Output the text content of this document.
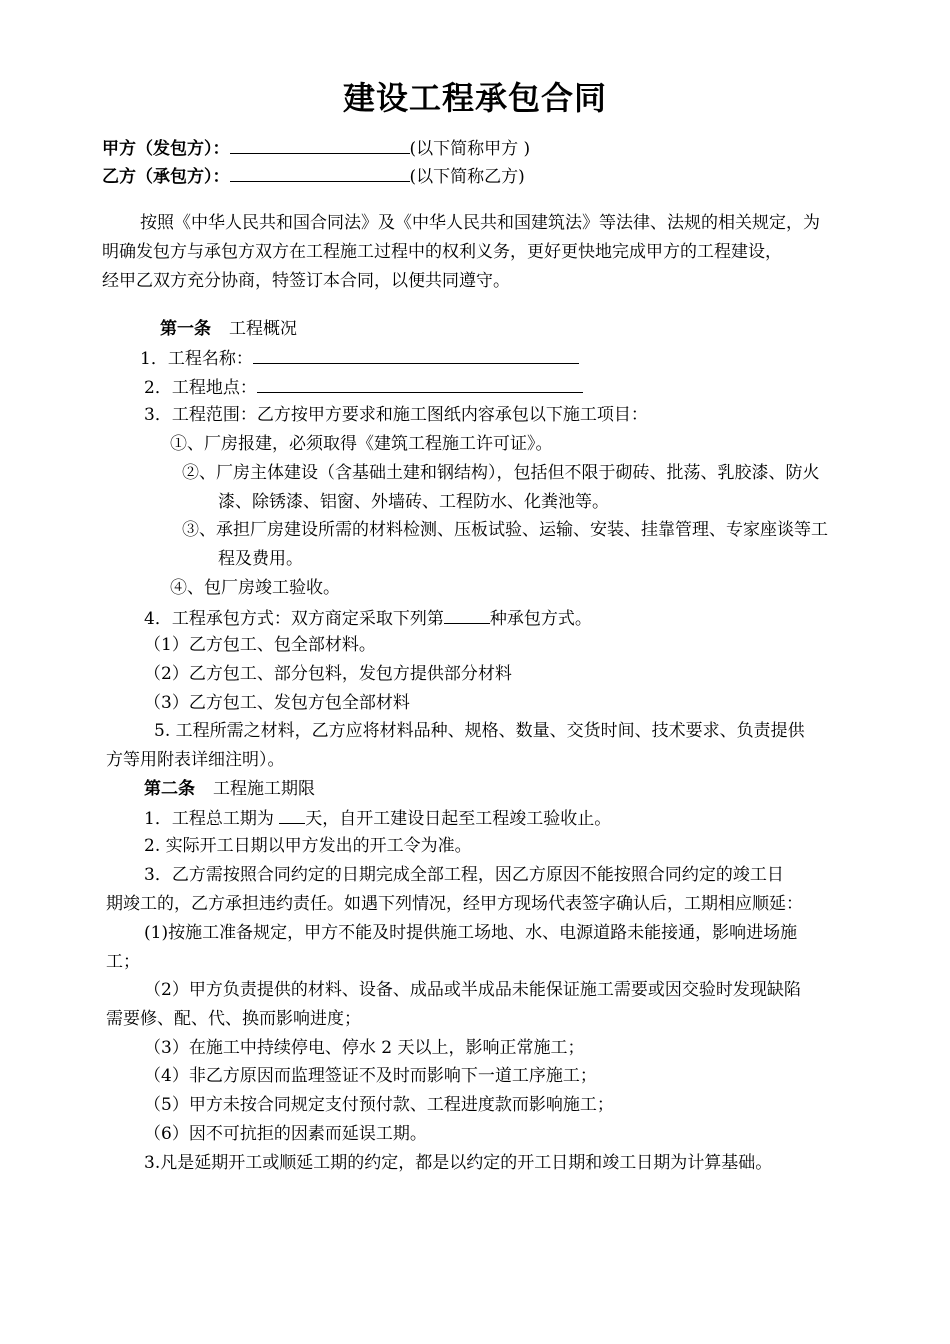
建设工程承包合同
甲方（发包方）：	(以下简称甲方 )
乙方（承包方）：	(以下简称乙方)
按照《中华人民共和国合同法》及《中华人民共和国建筑法》等法律、法规的相关规定，为
明确发包方与承包方双方在工程施工过程中的权利义务，更好更快地完成甲方的工程建设，
经甲乙双方充分协商，特签订本合同，以便共同遵守。
第一条 工程概况
1．工程名称：
2．工程地点：
3．工程范围：乙方按甲方要求和施工图纸内容承包以下施工项目：
①、厂房报建，必须取得《建筑工程施工许可证》。
②、厂房主体建设（含基础土建和钢结构），包括但不限于砌砖、批荡、乳胶漆、防火
漆、除锈漆、铝窗、外墙砖、工程防水、化粪池等。
③、承担厂房建设所需的材料检测、压板试验、运输、安装、挂靠管理、专家座谈等工
程及费用。
④、包厂房竣工验收。
4．工程承包方式：双方商定采取下列第	种承包方式。
（1）乙方包工、包全部材料。
（2）乙方包工、部分包料，发包方提供部分材料
（3）乙方包工、发包方包全部材料
5. 工程所需之材料，乙方应将材料品种、规格、数量、交货时间、技术要求、负责提供
方等用附表详细注明）。
第二条 工程施工期限
1．工程总工期为 天，自开工建设日起至工程竣工验收止。
2. 实际开工日期以甲方发出的开工令为准。
3．乙方需按照合同约定的日期完成全部工程，因乙方原因不能按照合同约定的竣工日
期竣工的，乙方承担违约责任。如遇下列情况，经甲方现场代表签字确认后，工期相应顺延：
(1)按施工准备规定，甲方不能及时提供施工场地、水、电源道路未能接通，影响进场施
工；
（2）甲方负责提供的材料、设备、成品或半成品未能保证施工需要或因交验时发现缺陷
需要修、配、代、换而影响进度；
（3）在施工中持续停电、停水 2 天以上，影响正常施工；
（4）非乙方原因而监理签证不及时而影响下一道工序施工；
（5）甲方未按合同规定支付预付款、工程进度款而影响施工；
（6）因不可抗拒的因素而延误工期。
3.凡是延期开工或顺延工期的约定，都是以约定的开工日期和竣工日期为计算基础。
